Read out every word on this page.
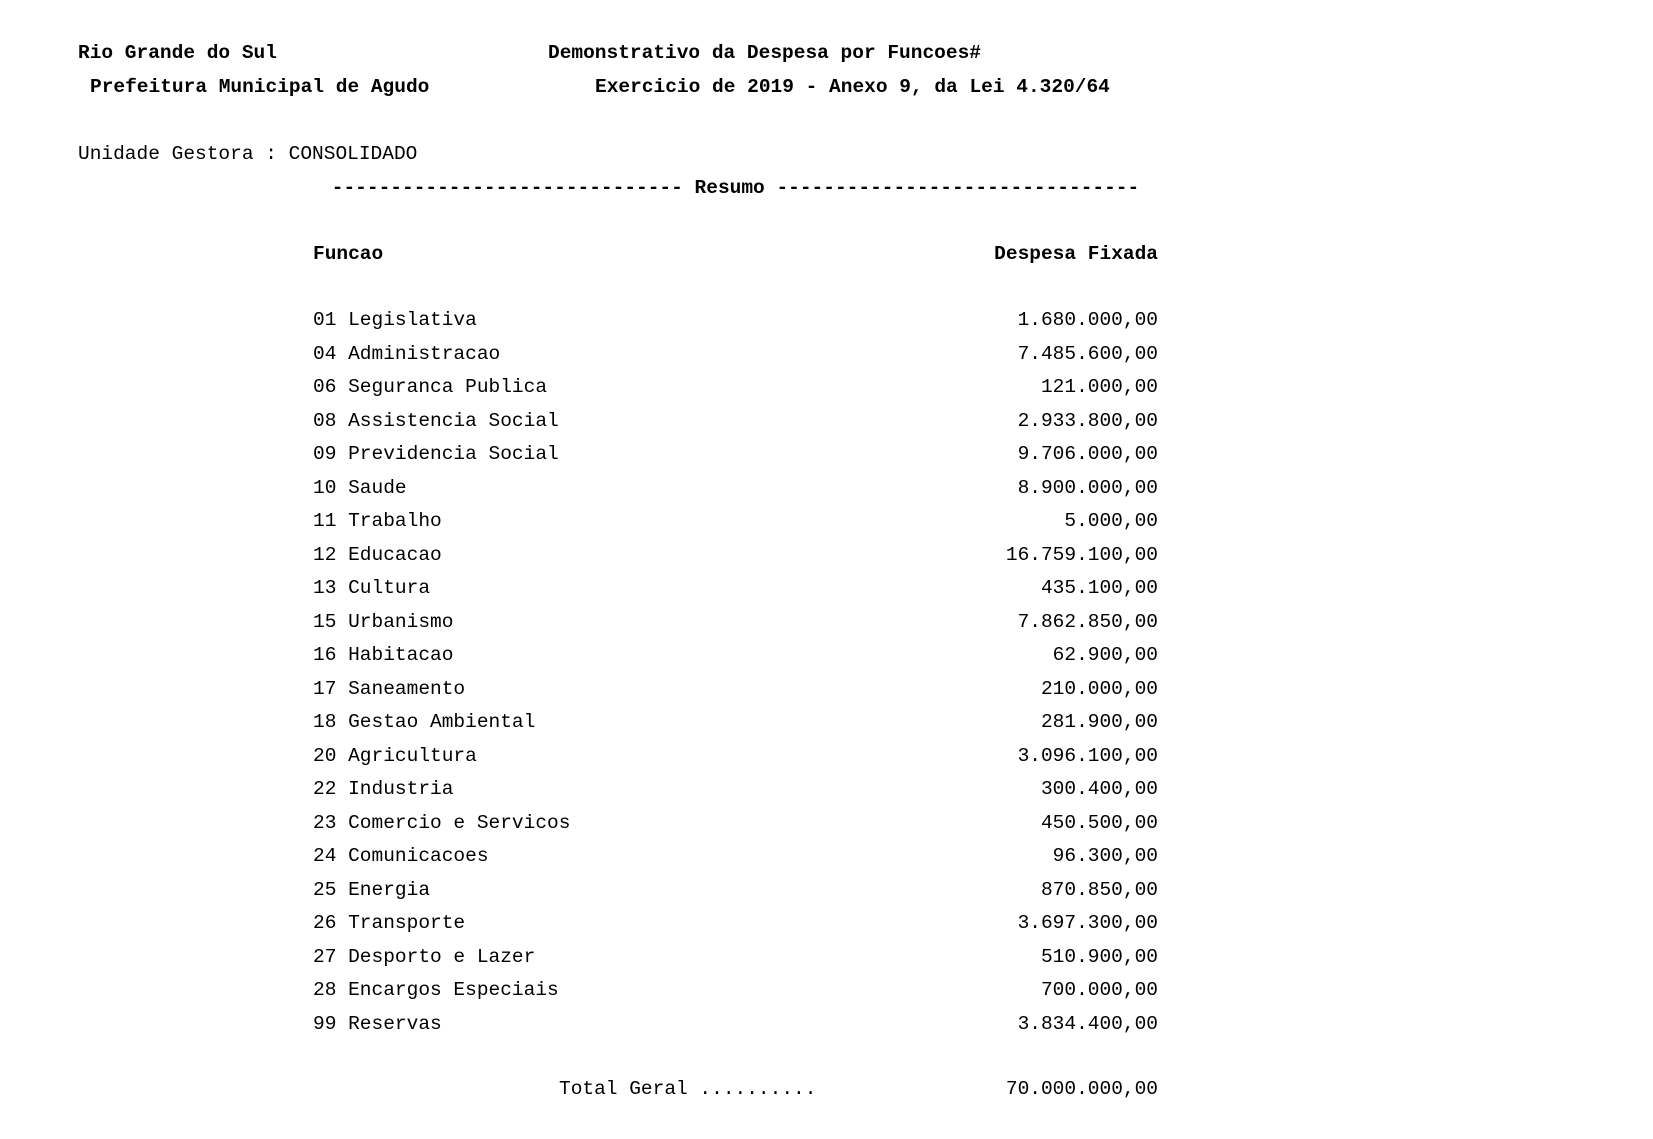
Rio Grande do Sul
Prefeitura Municipal de Agudo
Demonstrativo da Despesa por Funcoes#
Exercicio de 2019 - Anexo 9, da Lei 4.320/64
Unidade Gestora : CONSOLIDADO
------------------------------ Resumo -------------------------------
Funcao	Despesa Fixada
01 Legislativa	1.680.000,00
04 Administracao	7.485.600,00
06 Seguranca Publica	121.000,00
08 Assistencia Social	2.933.800,00
09 Previdencia Social	9.706.000,00
10 Saude	8.900.000,00
11 Trabalho	5.000,00
12 Educacao	16.759.100,00
13 Cultura	435.100,00
15 Urbanismo	7.862.850,00
16 Habitacao	62.900,00
17 Saneamento	210.000,00
18 Gestao Ambiental	281.900,00
20 Agricultura	3.096.100,00
22 Industria	300.400,00
23 Comercio e Servicos	450.500,00
24 Comunicacoes	96.300,00
25 Energia	870.850,00
26 Transporte	3.697.300,00
27 Desporto e Lazer	510.900,00
28 Encargos Especiais	700.000,00
99 Reservas	3.834.400,00
Total Geral ..........	70.000.000,00
